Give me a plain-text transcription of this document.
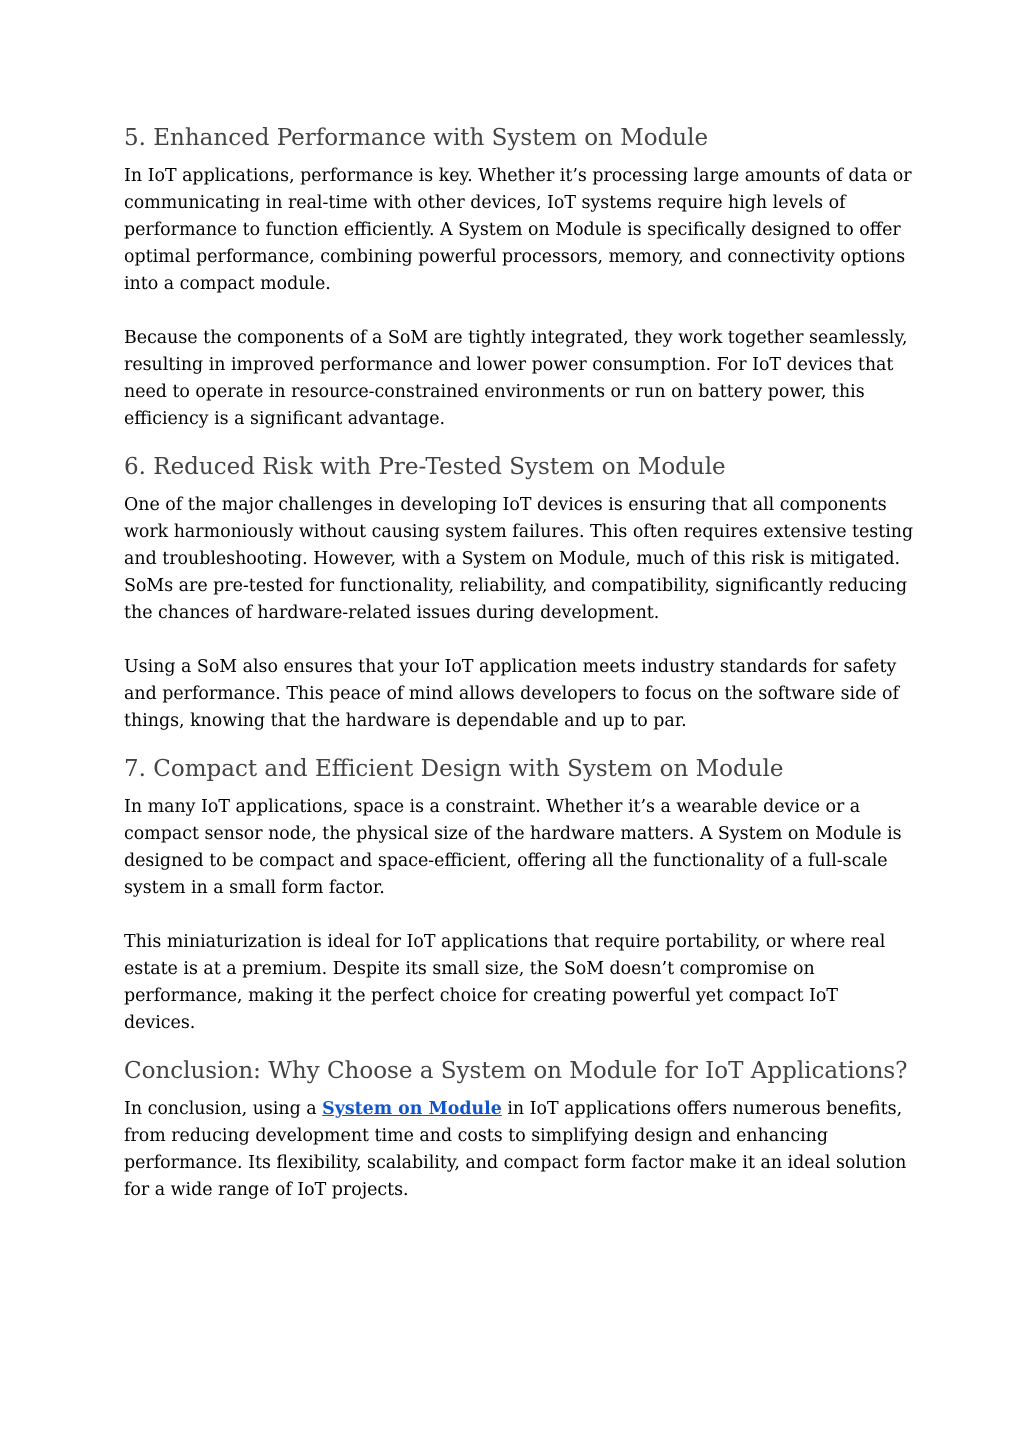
5. Enhanced Performance with System on Module

In IoT applications, performance is key. Whether it’s processing large amounts of data or communicating in real-time with other devices, IoT systems require high levels of performance to function efficiently. A System on Module is specifically designed to offer optimal performance, combining powerful processors, memory, and connectivity options into a compact module.

Because the components of a SoM are tightly integrated, they work together seamlessly, resulting in improved performance and lower power consumption. For IoT devices that need to operate in resource-constrained environments or run on battery power, this efficiency is a significant advantage.

6. Reduced Risk with Pre-Tested System on Module

One of the major challenges in developing IoT devices is ensuring that all components work harmoniously without causing system failures. This often requires extensive testing and troubleshooting. However, with a System on Module, much of this risk is mitigated. SoMs are pre-tested for functionality, reliability, and compatibility, significantly reducing the chances of hardware-related issues during development.

Using a SoM also ensures that your IoT application meets industry standards for safety and performance. This peace of mind allows developers to focus on the software side of things, knowing that the hardware is dependable and up to par.

7. Compact and Efficient Design with System on Module

In many IoT applications, space is a constraint. Whether it’s a wearable device or a compact sensor node, the physical size of the hardware matters. A System on Module is designed to be compact and space-efficient, offering all the functionality of a full-scale system in a small form factor.

This miniaturization is ideal for IoT applications that require portability, or where real estate is at a premium. Despite its small size, the SoM doesn’t compromise on performance, making it the perfect choice for creating powerful yet compact IoT devices.

Conclusion: Why Choose a System on Module for IoT Applications?

In conclusion, using a System on Module in IoT applications offers numerous benefits, from reducing development time and costs to simplifying design and enhancing performance. Its flexibility, scalability, and compact form factor make it an ideal solution for a wide range of IoT projects.
